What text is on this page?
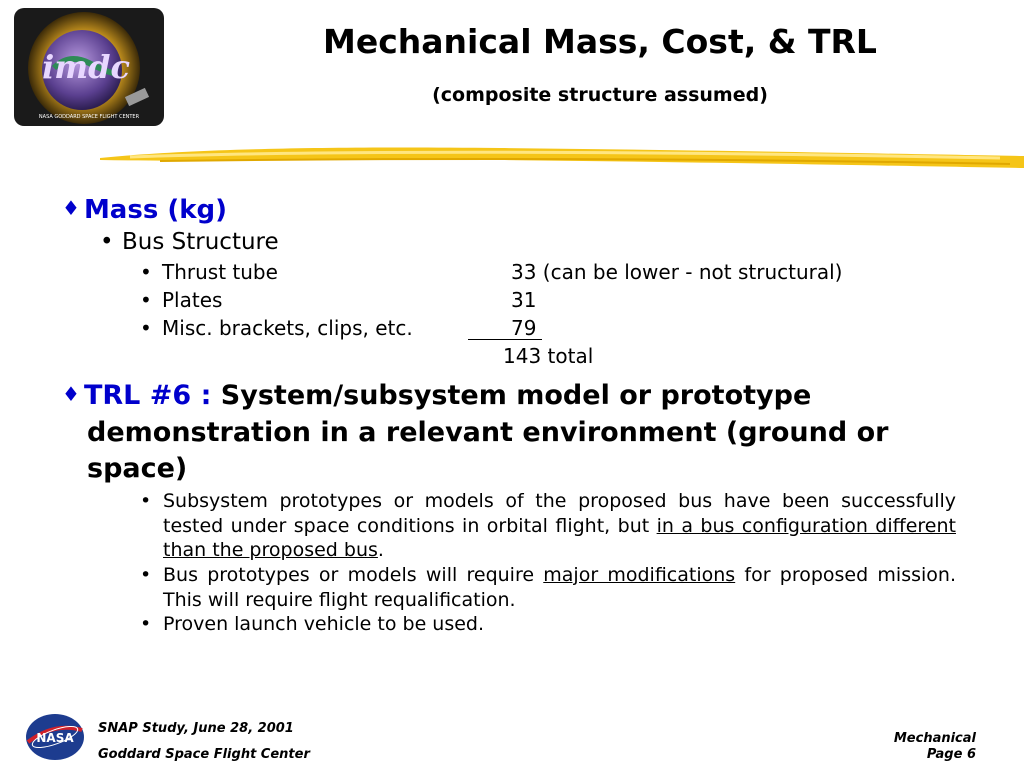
imdc
NASA GODDARD SPACE FLIGHT CENTER
Mechanical Mass, Cost, & TRL
(composite structure assumed)
♦ Mass (kg)
• Bus Structure
• Thrust tube	33 (can be lower - not structural)
• Plates	31
• Misc. brackets, clips, etc.	79
143 total
♦ TRL #6 : System/subsystem model or prototype
demonstration in a relevant environment (ground or
space)
• Subsystem prototypes or models of the proposed bus have been successfully tested under space conditions in orbital flight, but in a bus configuration different than the proposed bus.
• Bus prototypes or models will require major modifications for proposed mission. This will require flight requalification.
• Proven launch vehicle to be used.
NASA
SNAP Study, June 28, 2001
Goddard Space Flight Center
Mechanical
Page 6
